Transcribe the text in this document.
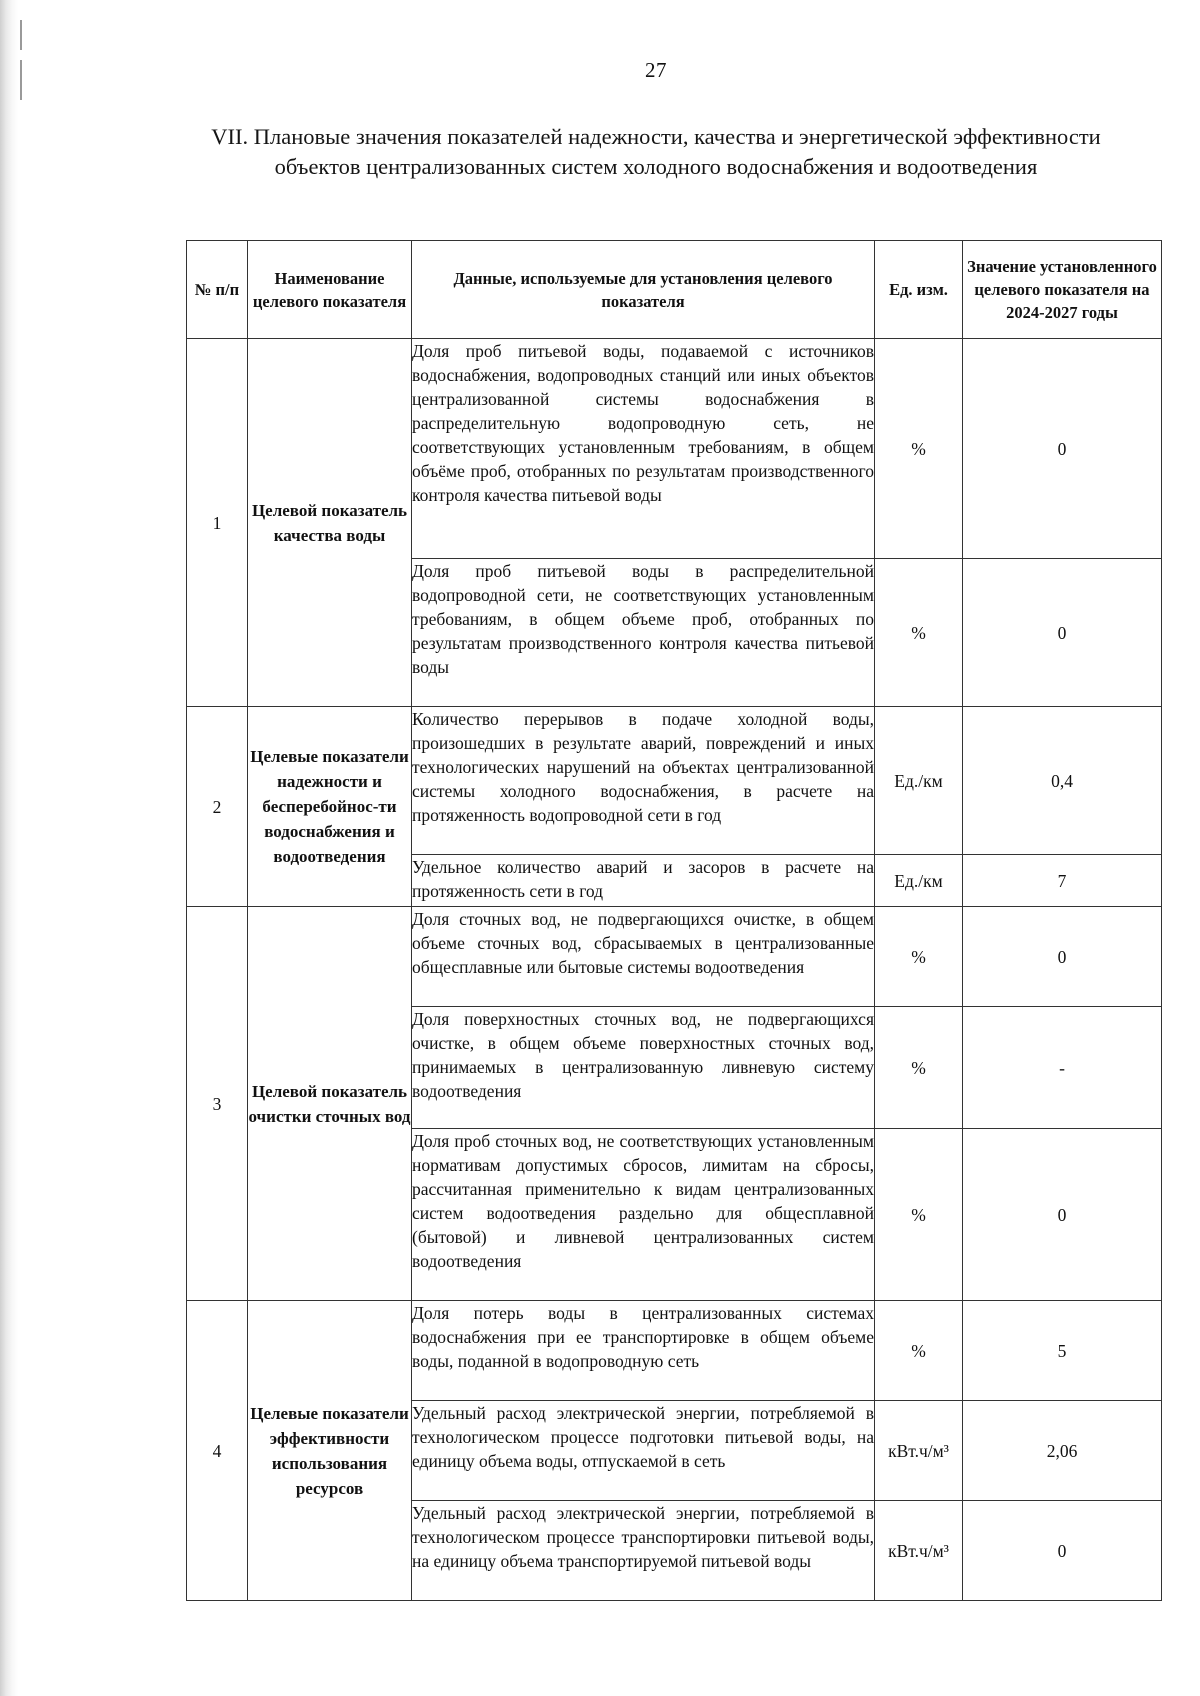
27
VII. Плановые значения показателей надежности, качества и энергетической эффективности объектов централизованных систем холодного водоснабжения и водоотведения
№ п/п	Наименование целевого показателя	Данные, используемые для установления целевого показателя	Ед. изм.	Значение установленного целевого показателя на 2024-2027 годы
1	Целевой показатель качества воды	Доля проб питьевой воды, подаваемой с источников водоснабжения, водопроводных станций или иных объектов централизованной системы водоснабжения в распределительную водопроводную сеть, не соответствующих установленным требованиям, в общем объёме проб, отобранных по результатам производственного контроля качества питьевой воды	%	0
		Доля проб питьевой воды в распределительной водопроводной сети, не соответствующих установленным требованиям, в общем объеме проб, отобранных по результатам производственного контроля качества питьевой воды	%	0
2	Целевые показатели надежности и бесперебойнос-ти водоснабжения и водоотведения	Количество перерывов в подаче холодной воды, произошедших в результате аварий, повреждений и иных технологических нарушений на объектах централизованной системы холодного водоснабжения, в расчете на протяженность водопроводной сети в год	Ед./км	0,4
		Удельное количество аварий и засоров в расчете на протяженность сети в год	Ед./км	7
3	Целевой показатель очистки сточных вод	Доля сточных вод, не подвергающихся очистке, в общем объеме сточных вод, сбрасываемых в централизованные общесплавные или бытовые системы водоотведения	%	0
		Доля поверхностных сточных вод, не подвергающихся очистке, в общем объеме поверхностных сточных вод, принимаемых в централизованную ливневую систему водоотведения	%	-
		Доля проб сточных вод, не соответствующих установленным нормативам допустимых сбросов, лимитам на сбросы, рассчитанная применительно к видам централизованных систем водоотведения раздельно для общесплавной (бытовой) и ливневой централизованных систем водоотведения	%	0
4	Целевые показатели эффективности использования ресурсов	Доля потерь воды в централизованных системах водоснабжения при ее транспортировке в общем объеме воды, поданной в водопроводную сеть	%	5
		Удельный расход электрической энергии, потребляемой в технологическом процессе подготовки питьевой воды, на единицу объема воды, отпускаемой в сеть	кВт.ч/м³	2,06
		Удельный расход электрической энергии, потребляемой в технологическом процессе транспортировки питьевой воды, на единицу объема транспортируемой питьевой воды	кВт.ч/м³	0
